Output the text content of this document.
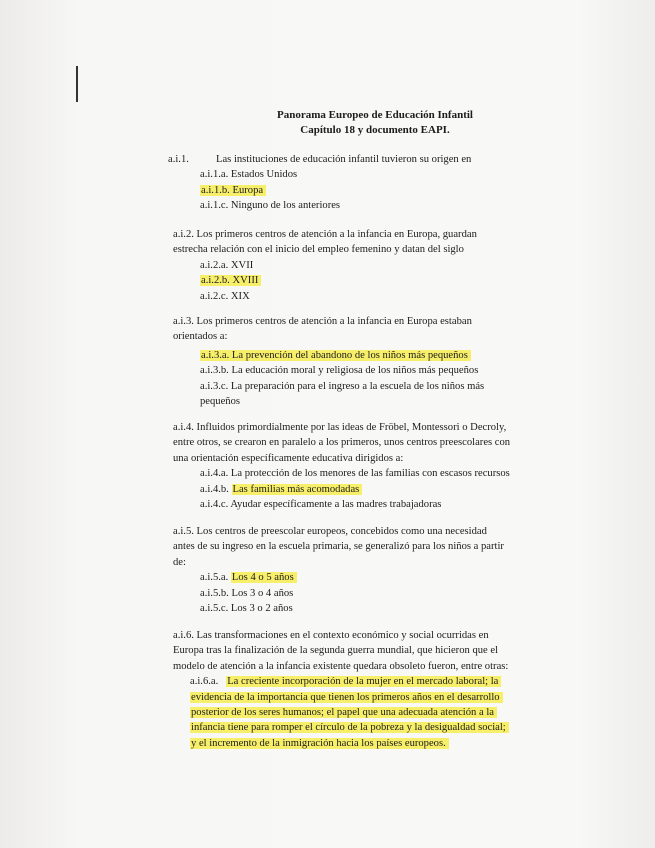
Panorama Europeo de Educación Infantil
Capítulo 18 y documento EAPI.
a.i.1.	Las instituciones de educación infantil tuvieron su origen en
a.i.1.a. Estados Unidos
a.i.1.b. Europa
a.i.1.c. Ninguno de los anteriores
a.i.2. Los primeros centros de atención a la infancia en Europa, guardan
estrecha relación con el inicio del empleo femenino y datan del siglo
a.i.2.a. XVII
a.i.2.b. XVIII
a.i.2.c. XIX
a.i.3. Los primeros centros de atención a la infancia en Europa estaban
orientados a:
a.i.3.a. La prevención del abandono de los niños más pequeños
a.i.3.b. La educación moral y religiosa de los niños más pequeños
a.i.3.c. La preparación para el ingreso a la escuela de los niños más
pequeños
a.i.4. Influidos primordialmente por las ideas de Fröbel, Montessori o Decroly,
entre otros, se crearon en paralelo a los primeros, unos centros preescolares con
una orientación específicamente educativa dirigidos a:
a.i.4.a. La protección de los menores de las familias con escasos recursos
a.i.4.b. Las familias más acomodadas
a.i.4.c. Ayudar específicamente a las madres trabajadoras
a.i.5. Los centros de preescolar europeos, concebidos como una necesidad
antes de su ingreso en la escuela primaria, se generalizó para los niños a partir
de:
a.i.5.a. Los 4 o 5 años
a.i.5.b. Los 3 o 4 años
a.i.5.c. Los 3 o 2 años
a.i.6. Las transformaciones en el contexto económico y social ocurridas en
Europa tras la finalización de la segunda guerra mundial, que hicieron que el
modelo de atención a la infancia existente quedara obsoleto fueron, entre otras:
a.i.6.a. La creciente incorporación de la mujer en el mercado laboral; la
evidencia de la importancia que tienen los primeros años en el desarrollo
posterior de los seres humanos; el papel que una adecuada atención a la
infancia tiene para romper el círculo de la pobreza y la desigualdad social;
y el incremento de la inmigración hacia los países europeos.
